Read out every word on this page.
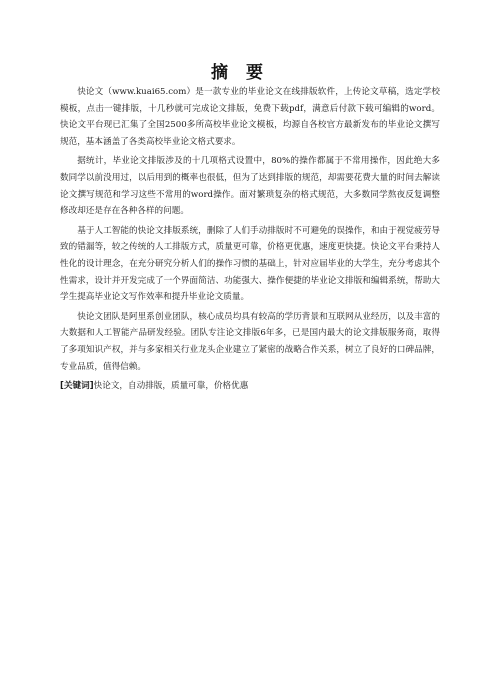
摘 要

快论文（www.kuai65.com）是一款专业的毕业论文在线排版软件，上传论文草稿，选定学校模板，点击一键排版，十几秒就可完成论文排版，免费下载pdf，满意后付款下载可编辑的word。快论文平台现已汇集了全国2500多所高校毕业论文模板，均源自各校官方最新发布的毕业论文撰写规范，基本涵盖了各类高校毕业论文格式要求。

据统计，毕业论文排版涉及的十几项格式设置中，80%的操作都属于不常用操作，因此绝大多数同学以前没用过，以后用到的概率也很低，但为了达到排版的规范，却需要花费大量的时间去解读论文撰写规范和学习这些不常用的word操作。面对繁琐复杂的格式规范，大多数同学熬夜反复调整修改却还是存在各种各样的问题。

基于人工智能的快论文排版系统，删除了人们手动排版时不可避免的误操作，和由于视觉疲劳导致的错漏等，较之传统的人工排版方式，质量更可靠，价格更优惠，速度更快捷。快论文平台秉持人性化的设计理念，在充分研究分析人们的操作习惯的基础上，针对应届毕业的大学生，充分考虑其个性需求，设计并开发完成了一个界面简洁、功能强大、操作便捷的毕业论文排版和编辑系统，帮助大学生提高毕业论文写作效率和提升毕业论文质量。

快论文团队是阿里系创业团队，核心成员均具有较高的学历背景和互联网从业经历，以及丰富的大数据和人工智能产品研发经验。团队专注论文排版6年多，已是国内最大的论文排版服务商，取得了多项知识产权，并与多家相关行业龙头企业建立了紧密的战略合作关系，树立了良好的口碑品牌，专业品质，值得信赖。

[关键词]快论文，自动排版，质量可靠，价格优惠
